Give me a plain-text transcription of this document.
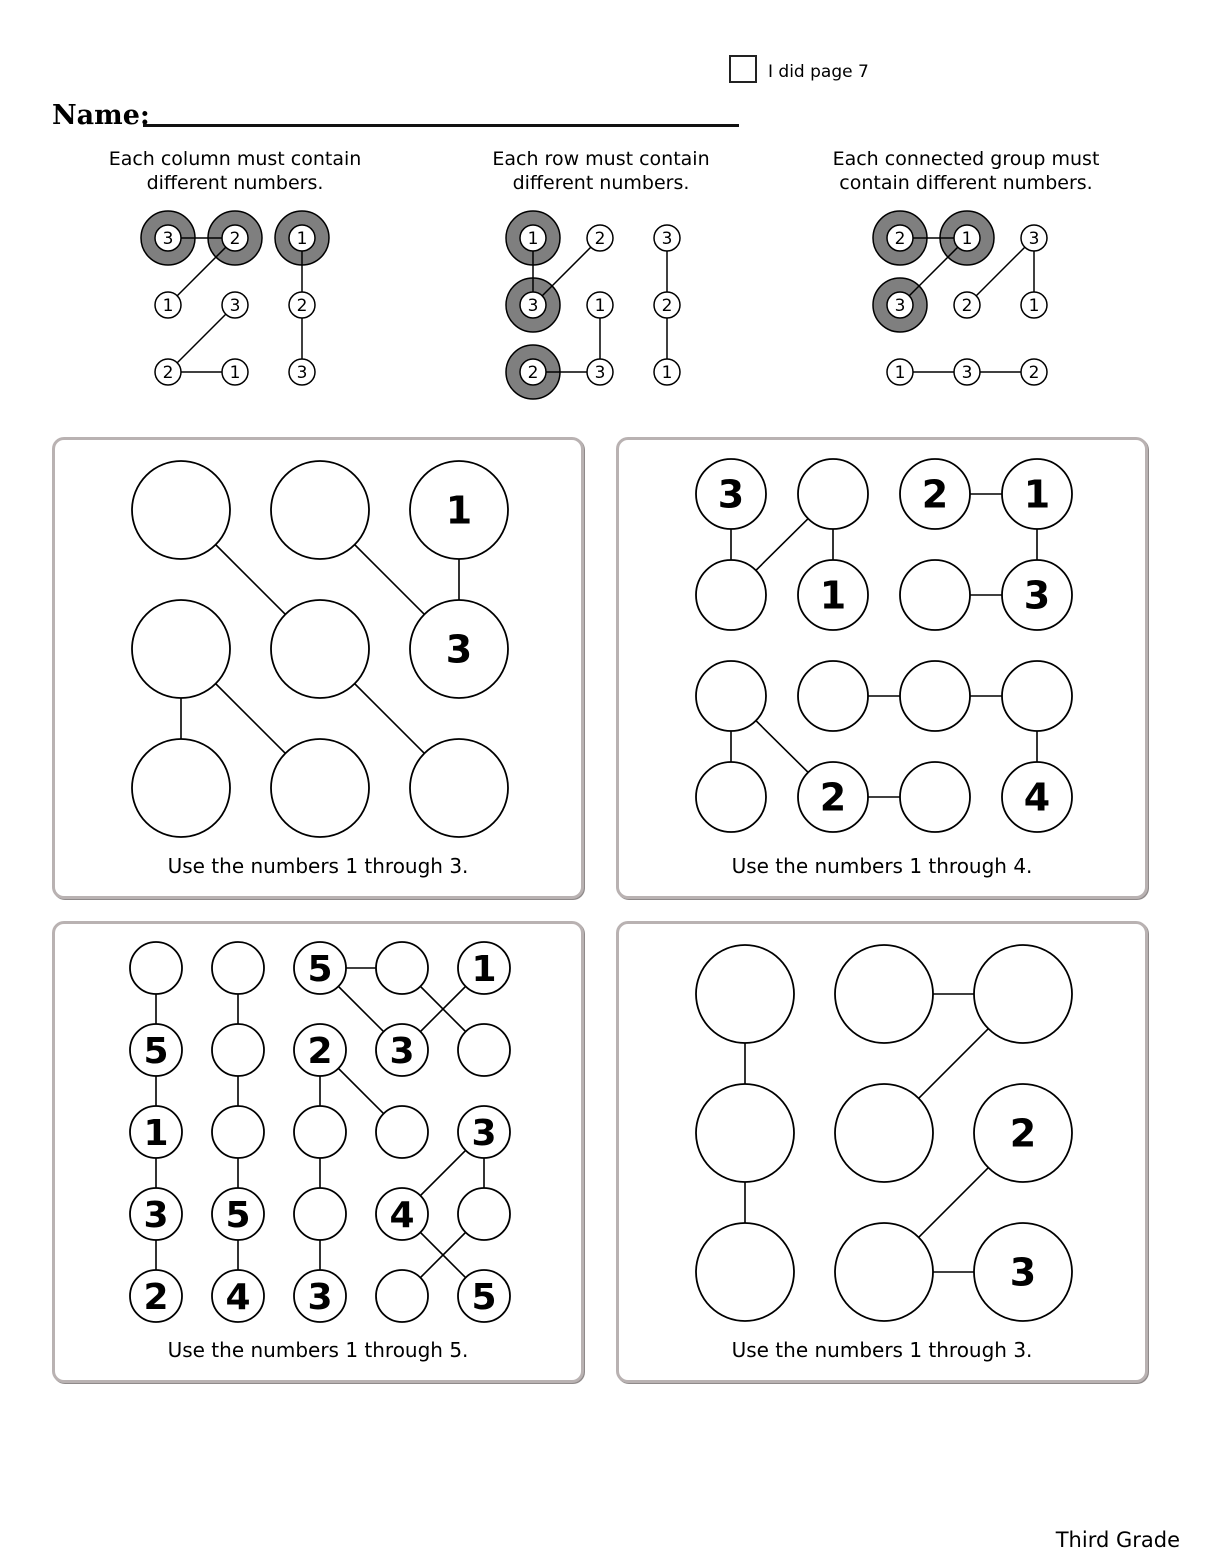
I did page 7
Name:
Each column must contain
different numbers.
Each row must contain
different numbers.
Each connected group must
contain different numbers.
3	2	1
1	3	2
2	1	3
1	2	3
3	1	2
2	3	1
2	1	3
3	2	1
1	3	2
1
3
Use the numbers 1 through 3.
3	2 1
1	3
2	4
Use the numbers 1 through 4.
5	1
5	2 3
1	3
3 5	4
2 4 3	5
Use the numbers 1 through 5.
2
3
Use the numbers 1 through 3.
Third Grade
